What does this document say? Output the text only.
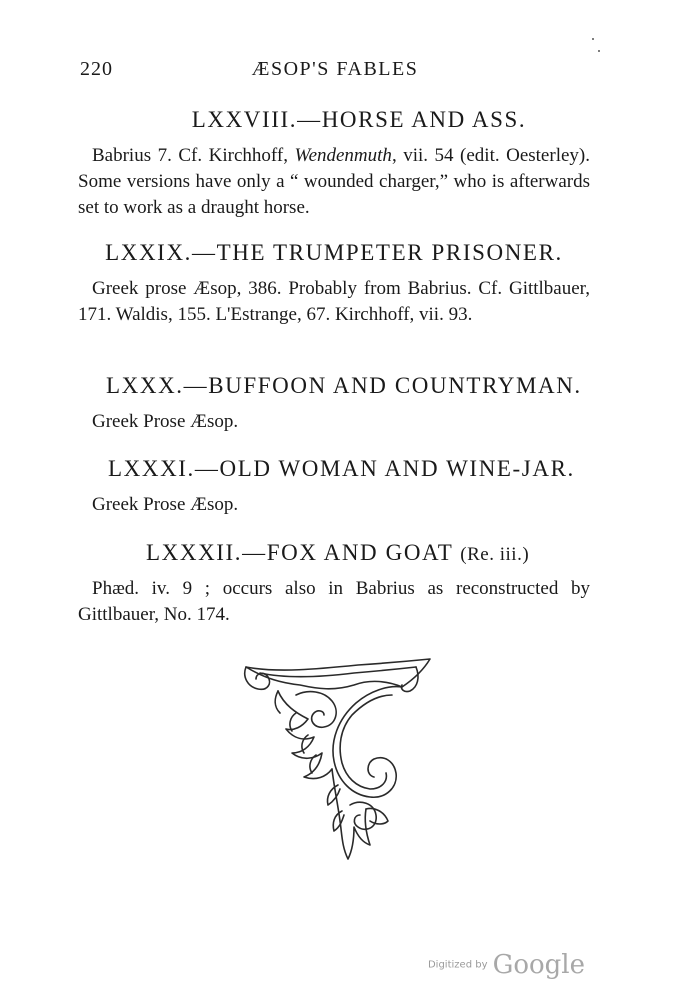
220	ÆSOP'S FABLES
LXXVIII.—HORSE AND ASS.

Babrius 7. Cf. Kirchhoff, Wendenmuth, vii. 54 (edit. Oesterley). Some versions have only a “ wounded charger,” who is afterwards set to work as a draught horse.

LXXIX.—THE TRUMPETER PRISONER.

Greek prose Æsop, 386. Probably from Babrius. Cf. Gittlbauer, 171. Waldis, 155. L'Estrange, 67. Kirchhoff, vii. 93.

LXXX.—BUFFOON AND COUNTRYMAN.

Greek Prose Æsop.

LXXXI.—OLD WOMAN AND WINE-JAR.

Greek Prose Æsop.

LXXXII.—FOX AND GOAT (Re. iii.)

Phæd. iv. 9 ; occurs also in Babrius as reconstructed by Gittlbauer, No. 174.

Digitized by Google
